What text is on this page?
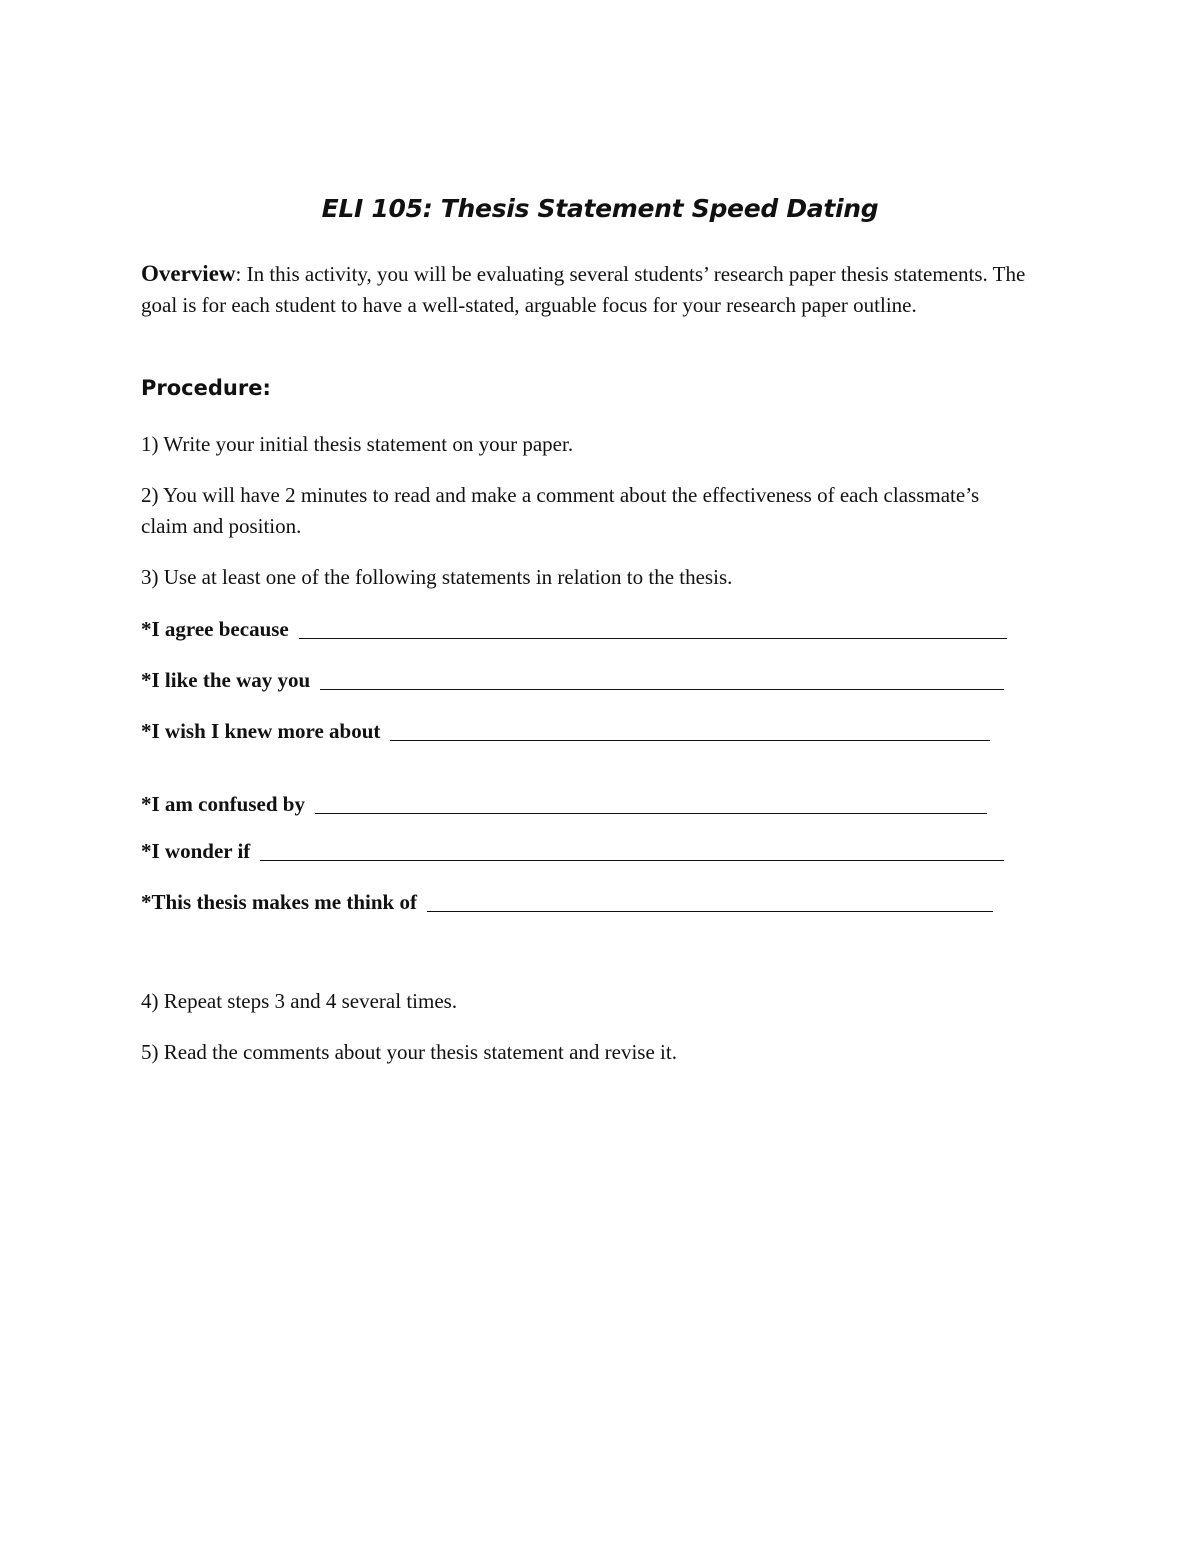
ELI 105: Thesis Statement Speed Dating
Overview: In this activity, you will be evaluating several students’ research paper thesis statements. The goal is for each student to have a well-stated, arguable focus for your research paper outline.
Procedure:
1) Write your initial thesis statement on your paper.
2) You will have 2 minutes to read and make a comment about the effectiveness of each classmate’s claim and position.
3) Use at least one of the following statements in relation to the thesis.
*I agree because
*I like the way you
*I wish I knew more about
*I am confused by
*I wonder if
*This thesis makes me think of
4) Repeat steps 3 and 4 several times.
5) Read the comments about your thesis statement and revise it.
